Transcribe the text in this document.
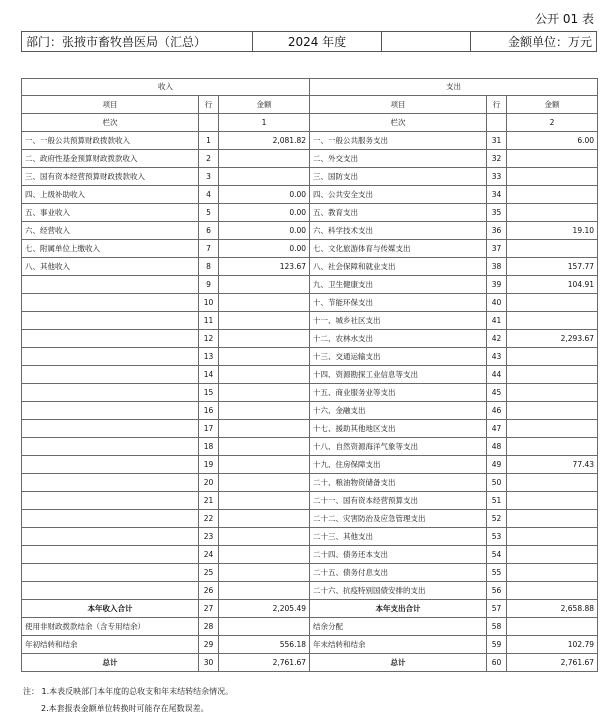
公开 01 表
部门：张掖市畜牧兽医局（汇总）	2024 年度		金额单位：万元
收入			支出		
项目	行	金额	项目	行	金额
栏次		1	栏次		2
一、一般公共预算财政拨款收入	1	2,081.82	一、一般公共服务支出	31	6.00
二、政府性基金预算财政拨款收入	2		二、外交支出	32	
三、国有资本经营预算财政拨款收入	3		三、国防支出	33	
四、上级补助收入	4	0.00	四、公共安全支出	34	
五、事业收入	5	0.00	五、教育支出	35	
六、经营收入	6	0.00	六、科学技术支出	36	19.10
七、附属单位上缴收入	7	0.00	七、文化旅游体育与传媒支出	37	
八、其他收入	8	123.67	八、社会保障和就业支出	38	157.77
	9		九、卫生健康支出	39	104.91
	10		十、节能环保支出	40	
	11		十一、城乡社区支出	41	
	12		十二、农林水支出	42	2,293.67
	13		十三、交通运输支出	43	
	14		十四、资源勘探工业信息等支出	44	
	15		十五、商业服务业等支出	45	
	16		十六、金融支出	46	
	17		十七、援助其他地区支出	47	
	18		十八、自然资源海洋气象等支出	48	
	19		十九、住房保障支出	49	77.43
	20		二十、粮油物资储备支出	50	
	21		二十一、国有资本经营预算支出	51	
	22		二十二、灾害防治及应急管理支出	52	
	23		二十三、其他支出	53	
	24		二十四、债务还本支出	54	
	25		二十五、债务付息支出	55	
	26		二十六、抗疫特别国债安排的支出	56	
本年收入合计	27	2,205.49	本年支出合计	57	2,658.88
使用非财政拨款结余（含专用结余）	28		结余分配	58	
年初结转和结余	29	556.18	年末结转和结余	59	102.79
总计	30	2,761.67	总计	60	2,761.67
注： 1.本表反映部门本年度的总收支和年末结转结余情况。
2.本套报表金额单位转换时可能存在尾数误差。
